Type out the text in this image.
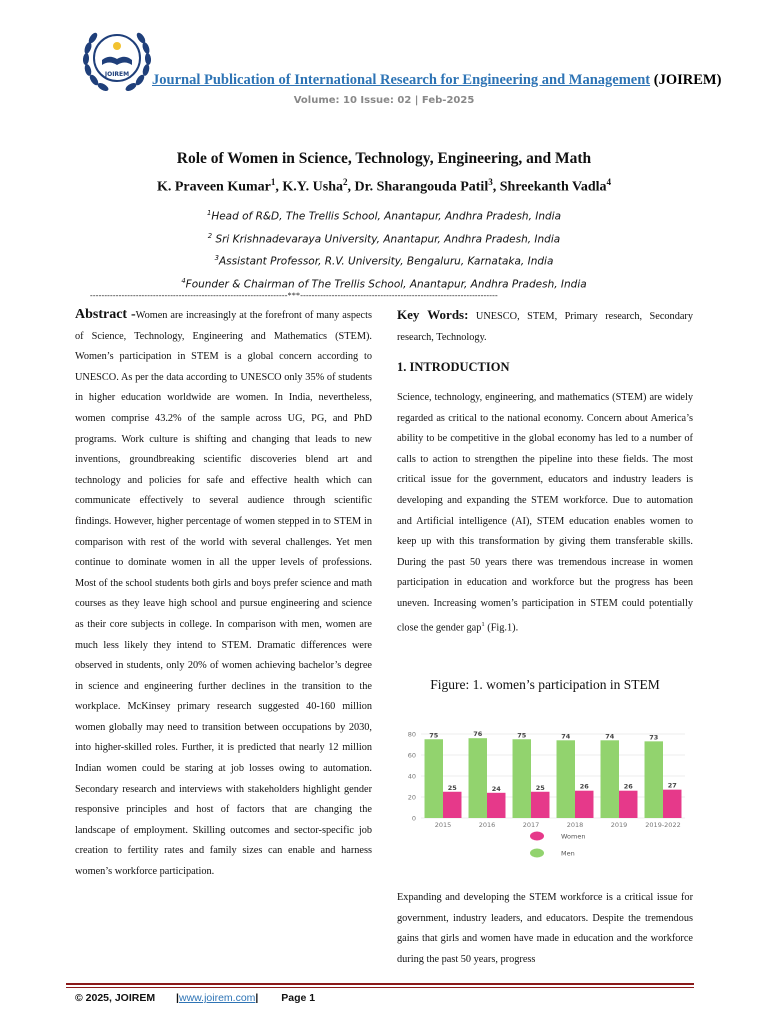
JOIREM Journal Publication of International Research for Engineering and Management (JOIREM)
Volume: 10 Issue: 02 | Feb-2025
Role of Women in Science, Technology, Engineering, and Math
K. Praveen Kumar$^1$, K.Y. Usha$^2$, Dr. Sharangouda Patil$^3$, Shreekanth Vadla$^4$
$^1$Head of R&D, The Trellis School, Anantapur, Andhra Pradesh, India
$^2$ Sri Krishnadevaraya University, Anantapur, Andhra Pradesh, India
$^3$Assistant Professor, R.V. University, Bengaluru, Karnataka, India
$^4$Founder & Chairman of The Trellis School, Anantapur, Andhra Pradesh, India
---------------------------------------------------------------------***---------------------------------------------------------------------
Abstract -Women are increasingly at the forefront of many aspects of Science, Technology, Engineering and Mathematics (STEM). Women’s participation in STEM is a global concern according to UNESCO. As per the data according to UNESCO only 35% of students in higher education worldwide are women. In India, nevertheless, women comprise 43.2% of the sample across UG, PG, and PhD programs. Work culture is shifting and changing that leads to new inventions, groundbreaking scientific discoveries blend art and technology and policies for safe and effective health which can communicate effectively to several audience through scientific findings. However, higher percentage of women stepped in to STEM in comparison with rest of the world with several challenges. Yet men continue to dominate women in all the upper levels of professions. Most of the school students both girls and boys prefer science and math courses as they leave high school and pursue engineering and science as their core subjects in college. In comparison with men, women are much less likely they intend to STEM. Dramatic differences were observed in students, only 20% of women achieving bachelor’s degree in science and engineering further declines in the transition to the workplace. McKinsey primary research suggested 40-160 million women globally may need to transition between occupations by 2030, into higher-skilled roles. Further, it is predicted that nearly 12 million Indian women could be staring at job losses owing to automation. Secondary research and interviews with stakeholders highlight gender responsive principles and host of factors that are changing the landscape of employment. Skilling outcomes and sector-specific job creation to fertility rates and family sizes can enable and harness women’s workforce participation.
Key Words: UNESCO, STEM, Primary research, Secondary research, Technology.
1. INTRODUCTION
Science, technology, engineering, and mathematics (STEM) are widely regarded as critical to the national economy. Concern about America’s ability to be competitive in the global economy has led to a number of calls to action to strengthen the pipeline into these fields. The most critical issue for the government, educators and industry leaders is developing and expanding the STEM workforce. Due to automation and Artificial intelligence (AI), STEM education enables women to keep up with this transformation by giving them transferable skills. During the past 50 years there was tremendous increase in women participation in education and workforce but the progress has been uneven. Increasing women’s participation in STEM could potentially close the gender gap$^1$ (Fig.1).
Figure: 1. women’s participation in STEM
0
20
40
60
80 75
25
2015
76
24
2016
75
25
2017
74
26
2018
74
26
2019
73
27
2019-2022
Women
Men
Expanding and developing the STEM workforce is a critical issue for government, industry leaders, and educators. Despite the tremendous gains that girls and women have made in education and the workforce during the past 50 years, progress
© 2025, JOIREM |www.joirem.com| Page 1
